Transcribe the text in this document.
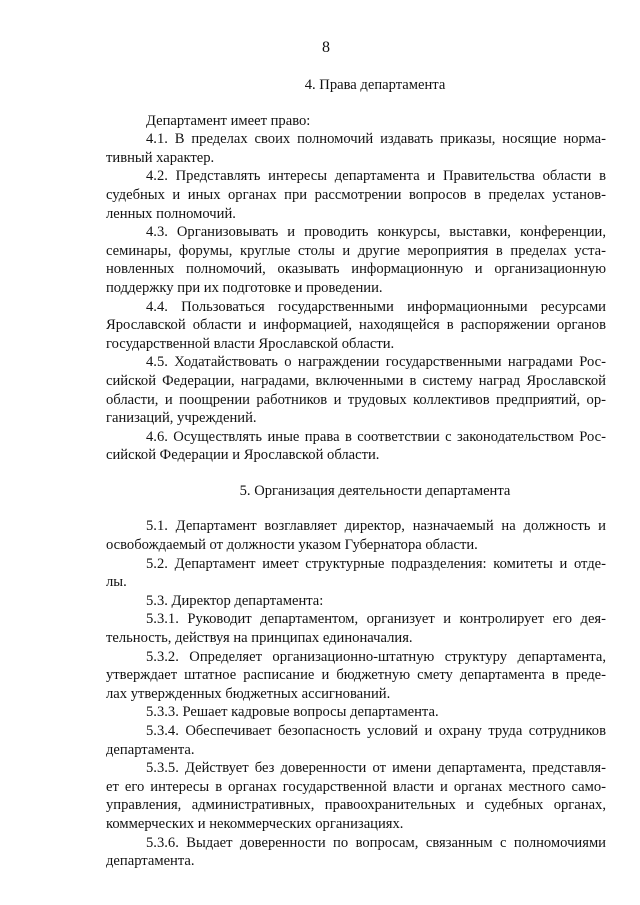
8
4. Права департамента
Департамент имеет право:
4.1. В пределах своих полномочий издавать приказы, носящие норма-
тивный характер.
4.2. Представлять интересы департамента и Правительства области в
судебных и иных органах при рассмотрении вопросов в пределах установ-
ленных полномочий.
4.3. Организовывать и проводить конкурсы, выставки, конференции,
семинары, форумы, круглые столы и другие мероприятия в пределах уста-
новленных полномочий, оказывать информационную и организационную
поддержку при их подготовке и проведении.
4.4. Пользоваться государственными информационными ресурсами
Ярославской области и информацией, находящейся в распоряжении органов
государственной власти Ярославской области.
4.5. Ходатайствовать о награждении государственными наградами Рос-
сийской Федерации, наградами, включенными в систему наград Ярославской
области, и поощрении работников и трудовых коллективов предприятий, ор-
ганизаций, учреждений.
4.6. Осуществлять иные права в соответствии с законодательством Рос-
сийской Федерации и Ярославской области.
5. Организация деятельности департамента
5.1. Департамент возглавляет директор, назначаемый на должность и
освобождаемый от должности указом Губернатора области.
5.2. Департамент имеет структурные подразделения: комитеты и отде-
лы.
5.3. Директор департамента:
5.3.1. Руководит департаментом, организует и контролирует его дея-
тельность, действуя на принципах единоначалия.
5.3.2. Определяет организационно-штатную структуру департамента,
утверждает штатное расписание и бюджетную смету департамента в преде-
лах утвержденных бюджетных ассигнований.
5.3.3. Решает кадровые вопросы департамента.
5.3.4. Обеспечивает безопасность условий и охрану труда сотрудников
департамента.
5.3.5. Действует без доверенности от имени департамента, представля-
ет его интересы в органах государственной власти и органах местного само-
управления, административных, правоохранительных и судебных органах,
коммерческих и некоммерческих организациях.
5.3.6. Выдает доверенности по вопросам, связанным с полномочиями
департамента.
